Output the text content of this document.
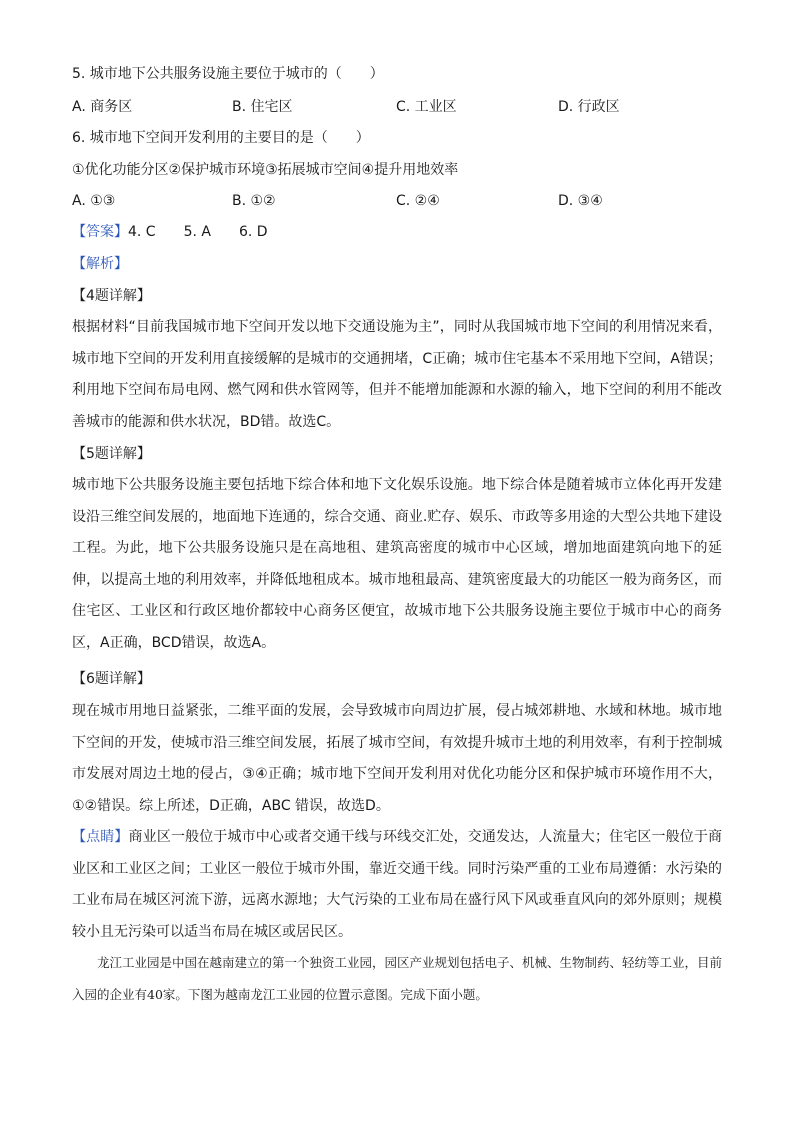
5. 城市地下公共服务设施主要位于城市的（　　）
A. 商务区	B. 住宅区	C. 工业区	D. 行政区
6. 城市地下空间开发利用的主要目的是（　　）
①优化功能分区②保护城市环境③拓展城市空间④提升用地效率
A. ①③	B. ①②	C. ②④	D. ③④
【答案】4. C　　5. A　　6. D
【解析】
【4题详解】

根据材料“目前我国城市地下空间开发以地下交通设施为主”，同时从我国城市地下空间的利用情况来看，城市地下空间的开发利用直接缓解的是城市的交通拥堵，C正确；城市住宅基本不采用地下空间，A错误；利用地下空间布局电网、燃气网和供水管网等，但并不能增加能源和水源的输入，地下空间的利用不能改善城市的能源和供水状况，BD错。故选C。

【5题详解】

城市地下公共服务设施主要包括地下综合体和地下文化娱乐设施。地下综合体是随着城市立体化再开发建设沿三维空间发展的，地面地下连通的，综合交通、商业.贮存、娱乐、市政等多用途的大型公共地下建设工程。为此，地下公共服务设施只是在高地租、建筑高密度的城市中心区域，增加地面建筑向地下的延伸，以提高土地的利用效率，并降低地租成本。城市地租最高、建筑密度最大的功能区一般为商务区，而住宅区、工业区和行政区地价都较中心商务区便宜，故城市地下公共服务设施主要位于城市中心的商务区，A正确，BCD错误，故选A。

【6题详解】

现在城市用地日益紧张，二维平面的发展，会导致城市向周边扩展，侵占城郊耕地、水域和林地。城市地下空间的开发，使城市沿三维空间发展，拓展了城市空间，有效提升城市土地的利用效率，有利于控制城市发展对周边土地的侵占，③④正确；城市地下空间开发利用对优化功能分区和保护城市环境作用不大，①②错误。综上所述，D正确，ABC 错误，故选D。

【点睛】商业区一般位于城市中心或者交通干线与环线交汇处，交通发达，人流量大；住宅区一般位于商业区和工业区之间；工业区一般位于城市外围，靠近交通干线。同时污染严重的工业布局遵循：水污染的工业布局在城区河流下游，远离水源地；大气污染的工业布局在盛行风下风或垂直风向的郊外原则；规模较小且无污染可以适当布局在城区或居民区。

龙江工业园是中国在越南建立的第一个独资工业园，园区产业规划包括电子、机械、生物制药、轻纺等工业，目前入园的企业有40家。下图为越南龙江工业园的位置示意图。完成下面小题。
